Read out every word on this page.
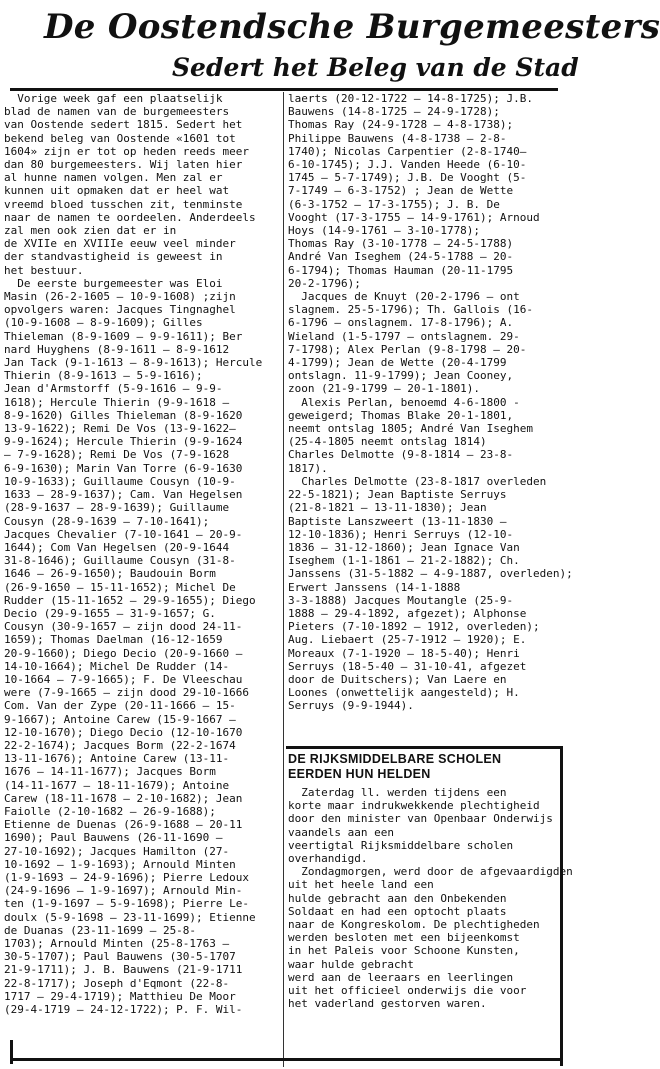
De Oostendsche Burgemeesters
Sedert het Beleg van de Stad
Vorige week gaf een plaatselijk
blad de namen van de burgemeesters
van Oostende sedert 1815. Sedert het
bekend beleg van Oostende «1601 tot
1604» zijn er tot op heden reeds meer
dan 80 burgemeesters. Wij laten hier
al hunne namen volgen. Men zal er
kunnen uit opmaken dat er heel wat
vreemd bloed tusschen zit, tenminste
naar de namen te oordeelen. Anderdeels
zal men ook zien dat er in
de XVIIe en XVIIIe eeuw veel minder
der standvastigheid is geweest in
het bestuur.
De eerste burgemeester was Eloi
Masin (26-2-1605 — 10-9-1608) ;zijn
opvolgers waren: Jacques Tingnaghel
(10-9-1608 — 8-9-1609); Gilles
Thieleman (8-9-1609 — 9-9-1611); Ber
nard Huyghens (8-9-1611 — 8-9-1612
Jan Tack (9-1-1613 — 8-9-1613); Hercule
Thierin (8-9-1613 — 5-9-1616);
Jean d'Armstorff (5-9-1616 — 9-9-
1618); Hercule Thierin (9-9-1618 —
8-9-1620) Gilles Thieleman (8-9-1620
13-9-1622); Remi De Vos (13-9-1622—
9-9-1624); Hercule Thierin (9-9-1624
— 7-9-1628); Remi De Vos (7-9-1628
6-9-1630); Marin Van Torre (6-9-1630
10-9-1633); Guillaume Cousyn (10-9-
1633 — 28-9-1637); Cam. Van Hegelsen
(28-9-1637 — 28-9-1639); Guillaume
Cousyn (28-9-1639 — 7-10-1641);
Jacques Chevalier (7-10-1641 — 20-9-
1644); Com Van Hegelsen (20-9-1644
31-8-1646); Guillaume Cousyn (31-8-
1646 — 26-9-1650); Baudouin Borm
(26-9-1650 — 15-11-1652); Michel De
Rudder (15-11-1652 — 29-9-1655); Diego
Decio (29-9-1655 — 31-9-1657; G.
Cousyn (30-9-1657 — zijn dood 24-11-
1659); Thomas Daelman (16-12-1659
20-9-1660); Diego Decio (20-9-1660 —
14-10-1664); Michel De Rudder (14-
10-1664 — 7-9-1665); F. De Vleeschau
were (7-9-1665 — zijn dood 29-10-1666
Com. Van der Zype (20-11-1666 — 15-
9-1667); Antoine Carew (15-9-1667 —
12-10-1670); Diego Decio (12-10-1670
22-2-1674); Jacques Borm (22-2-1674
13-11-1676); Antoine Carew (13-11-
1676 — 14-11-1677); Jacques Borm
(14-11-1677 — 18-11-1679); Antoine
Carew (18-11-1678 — 2-10-1682); Jean
Faiolle (2-10-1682 — 26-9-1688);
Etienne de Duenas (26-9-1688 — 20-11
1690); Paul Bauwens (26-11-1690 —
27-10-1692); Jacques Hamilton (27-
10-1692 — 1-9-1693); Arnould Minten
(1-9-1693 — 24-9-1696); Pierre Ledoux
(24-9-1696 — 1-9-1697); Arnould Min-
ten (1-9-1697 — 5-9-1698); Pierre Le-
doulx (5-9-1698 — 23-11-1699); Etienne
de Duanas (23-11-1699 — 25-8-
1703); Arnould Minten (25-8-1763 —
30-5-1707); Paul Bauwens (30-5-1707
21-9-1711); J. B. Bauwens (21-9-1711
22-8-1717); Joseph d'Eqmont (22-8-
1717 — 29-4-1719); Matthieu De Moor
(29-4-1719 — 24-12-1722); P. F. Wil-
laerts (20-12-1722 — 14-8-1725); J.B.
Bauwens (14-8-1725 — 24-9-1728);
Thomas Ray (24-9-1728 — 4-8-1738);
Philippe Bauwens (4-8-1738 — 2-8-
1740); Nicolas Carpentier (2-8-1740—
6-10-1745); J.J. Vanden Heede (6-10-
1745 — 5-7-1749); J.B. De Vooght (5-
7-1749 — 6-3-1752) ; Jean de Wette
(6-3-1752 — 17-3-1755); J. B. De
Vooght (17-3-1755 — 14-9-1761); Arnoud
Hoys (14-9-1761 — 3-10-1778);
Thomas Ray (3-10-1778 — 24-5-1788)
André Van Iseghem (24-5-1788 — 20-
6-1794); Thomas Hauman (20-11-1795
20-2-1796);
Jacques de Knuyt (20-2-1796 — ont
slagnem. 25-5-1796); Th. Gallois (16-
6-1796 — onslagnem. 17-8-1796); A.
Wieland (1-5-1797 — ontslagnem. 29-
7-1798); Alex Perlan (9-8-1798 — 20-
4-1799); Jean de Wette (20-4-1799
ontslagn. 11-9-1799); Jean Cooney,
zoon (21-9-1799 — 20-1-1801).
Alexis Perlan, benoemd 4-6-1800 -
geweigerd; Thomas Blake 20-1-1801,
neemt ontslag 1805; André Van Iseghem
(25-4-1805 neemt ontslag 1814)
Charles Delmotte (9-8-1814 — 23-8-
1817).
Charles Delmotte (23-8-1817 overleden
22-5-1821); Jean Baptiste Serruys
(21-8-1821 — 13-11-1830); Jean
Baptiste Lanszweert (13-11-1830 —
12-10-1836); Henri Serruys (12-10-
1836 — 31-12-1860); Jean Ignace Van
Iseghem (1-1-1861 — 21-2-1882); Ch.
Janssens (31-5-1882 — 4-9-1887, overleden);
Erwert Janssens (14-1-1888
3-3-1888) Jacques Moutangle (25-9-
1888 — 29-4-1892, afgezet); Alphonse
Pieters (7-10-1892 — 1912, overleden);
Aug. Liebaert (25-7-1912 — 1920); E.
Moreaux (7-1-1920 — 18-5-40); Henri
Serruys (18-5-40 — 31-10-41, afgezet
door de Duitschers); Van Laere en
Loones (onwettelijk aangesteld); H.
Serruys (9-9-1944).
DE RIJKSMIDDELBARE SCHOLEN
EERDEN HUN HELDEN
Zaterdag ll. werden tijdens een
korte maar indrukwekkende plechtigheid
door den minister van Openbaar Onderwijs
vaandels aan een
veertigtal Rijksmiddelbare scholen
overhandigd.
Zondagmorgen, werd door de afgevaardigden
uit het heele land een
hulde gebracht aan den Onbekenden
Soldaat en had een optocht plaats
naar de Kongreskolom. De plechtigheden
werden besloten met een bijeenkomst
in het Paleis voor Schoone Kunsten,
waar hulde gebracht
werd aan de leeraars en leerlingen
uit het officieel onderwijs die voor
het vaderland gestorven waren.
